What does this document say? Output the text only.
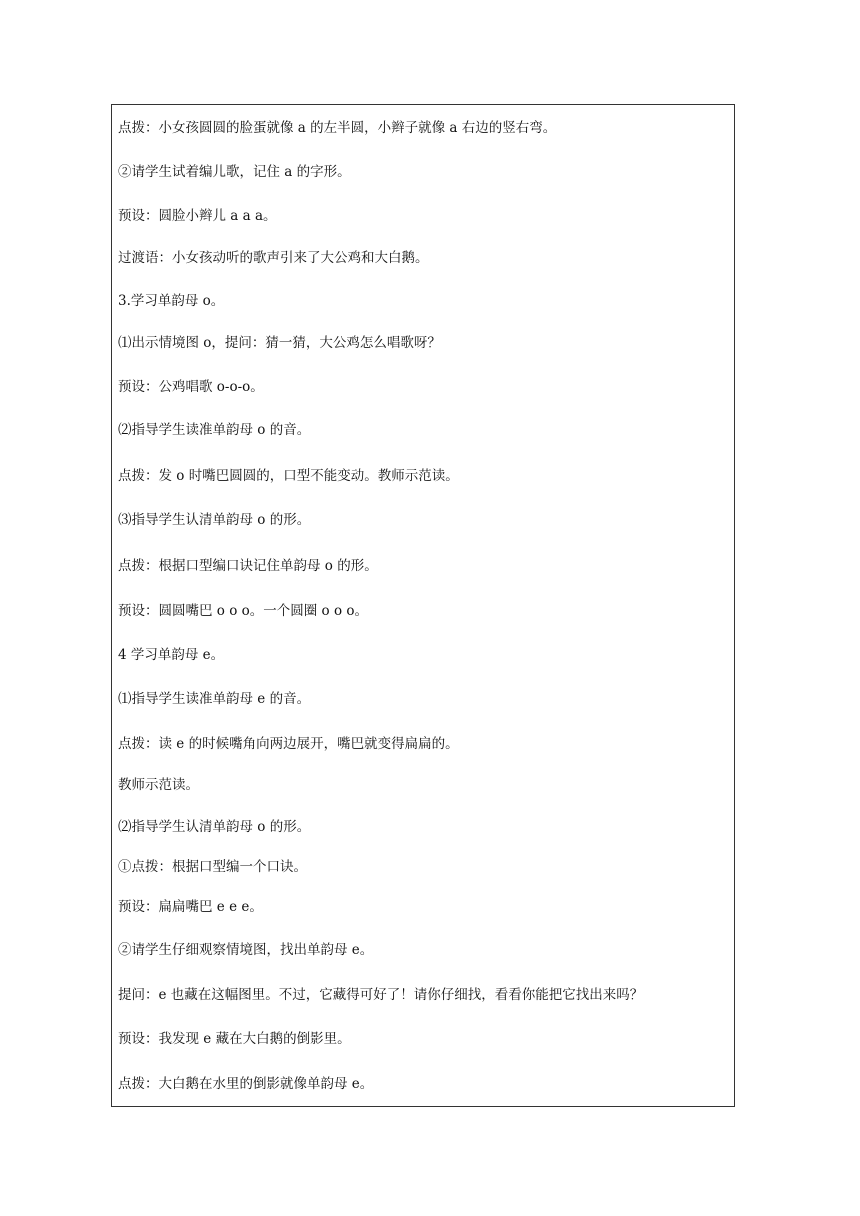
点拨：小女孩圆圆的脸蛋就像 a 的左半圆，小辫子就像 a 右边的竖右弯。
②请学生试着编儿歌，记住 a 的字形。
预设：圆脸小辫儿 a a a。
过渡语：小女孩动听的歌声引来了大公鸡和大白鹅。
3.学习单韵母 o。
⑴出示情境图 o，提问：猜一猜，大公鸡怎么唱歌呀？
预设：公鸡唱歌 o-o-o。
⑵指导学生读准单韵母 o 的音。
点拨：发 o 时嘴巴圆圆的，口型不能变动。教师示范读。
⑶指导学生认清单韵母 o 的形。
点拨：根据口型编口诀记住单韵母 o 的形。
预设：圆圆嘴巴 o o o。一个圆圈 o o o。
4 学习单韵母 e。
⑴指导学生读准单韵母 e 的音。
点拨：读 e 的时候嘴角向两边展开，嘴巴就变得扁扁的。
教师示范读。
⑵指导学生认清单韵母 o 的形。
①点拨：根据口型编一个口诀。
预设：扁扁嘴巴 e e e。
②请学生仔细观察情境图，找出单韵母 e。
提问：e 也藏在这幅图里。不过，它藏得可好了！请你仔细找，看看你能把它找出来吗？
预设：我发现 e 藏在大白鹅的倒影里。
点拨：大白鹅在水里的倒影就像单韵母 e。
